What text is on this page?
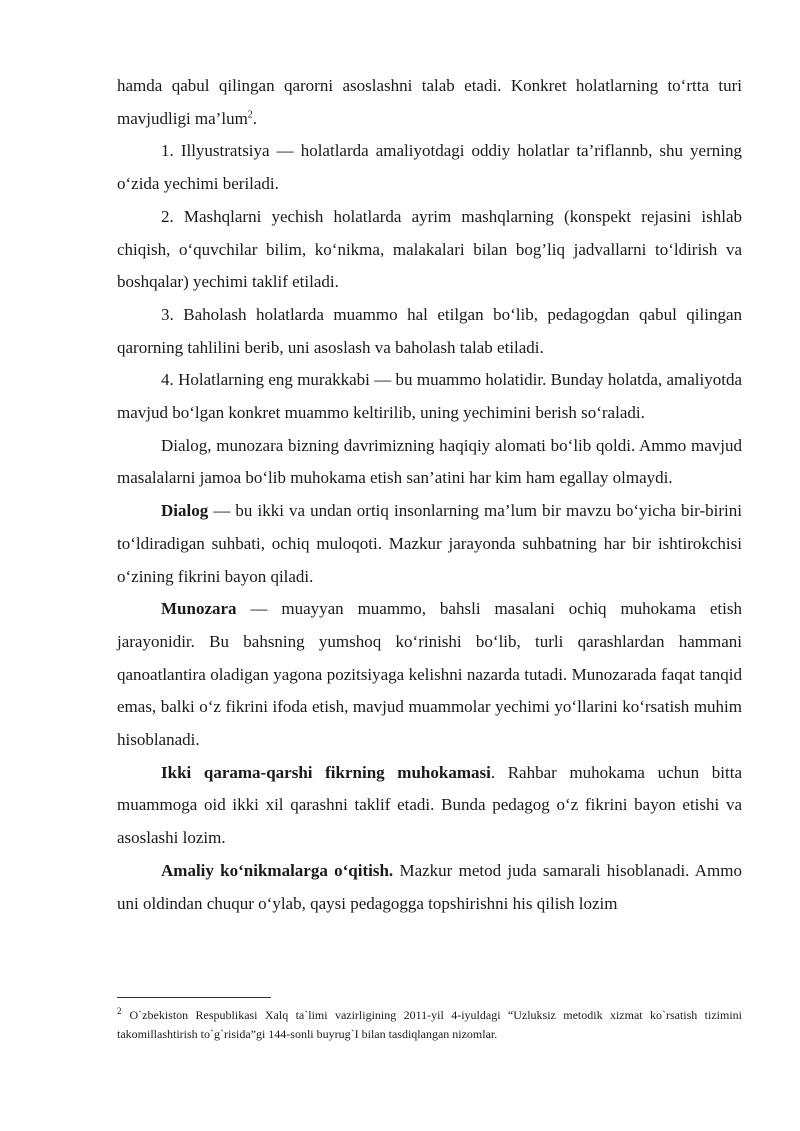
hamda qabul qilingan qarorni asoslashni talab etadi. Konkret holatlarning to‘rtta turi mavjudligi ma’lum$^2$.

1. Illyustratsiya — holatlarda amaliyotdagi oddiy holatlar ta’riflannb, shu yerning o‘zida yechimi beriladi.

2. Mashqlarni yechish holatlarda ayrim mashqlarning (konspekt rejasini ishlab chiqish, o‘quvchilar bilim, ko‘nikma, malakalari bilan bog’liq jadvallarni to‘ldirish va boshqalar) yechimi taklif etiladi.

3. Baholash holatlarda muammo hal etilgan bo‘lib, pedagogdan qabul qilingan qarorning tahlilini berib, uni asoslash va baholash talab etiladi.

4. Holatlarning eng murakkabi — bu muammo holatidir. Bunday holatda, amaliyotda mavjud bo‘lgan konkret muammo keltirilib, uning yechimini berish so‘raladi.

Dialog, munozara bizning davrimizning haqiqiy alomati bo‘lib qoldi. Ammo mavjud masalalarni jamoa bo‘lib muhokama etish san’atini har kim ham egallay olmaydi.

Dialog — bu ikki va undan ortiq insonlarning ma’lum bir mavzu bo‘yicha bir-birini to‘ldiradigan suhbati, ochiq muloqoti. Mazkur jarayonda suhbatning har bir ishtirokchisi o‘zining fikrini bayon qiladi.

Munozara — muayyan muammo, bahsli masalani ochiq muhokama etish jarayonidir. Bu bahsning yumshoq ko‘rinishi bo‘lib, turli qarashlardan hammani qanoatlantira oladigan yagona pozitsiyaga kelishni nazarda tutadi. Munozarada faqat tanqid emas, balki o‘z fikrini ifoda etish, mavjud muammolar yechimi yo‘llarini ko‘rsatish muhim hisoblanadi.

Ikki qarama-qarshi fikrning muhokamasi. Rahbar muhokama uchun bitta muammoga oid ikki xil qarashni taklif etadi. Bunda pedagog o‘z fikrini bayon etishi va asoslashi lozim.

Amaliy ko‘nikmalarga o‘qitish. Mazkur metod juda samarali hisoblanadi. Ammo uni oldindan chuqur o‘ylab, qaysi pedagogga topshirishni his qilish lozim

$^2$ O`zbekiston Respublikasi Xalq ta`limi vazirligining 2011-yil 4-iyuldagi “Uzluksiz metodik xizmat ko`rsatish tizimini takomillashtirish to`g`risida”gi 144-sonli buyrug`I bilan tasdiqlangan nizomlar.
